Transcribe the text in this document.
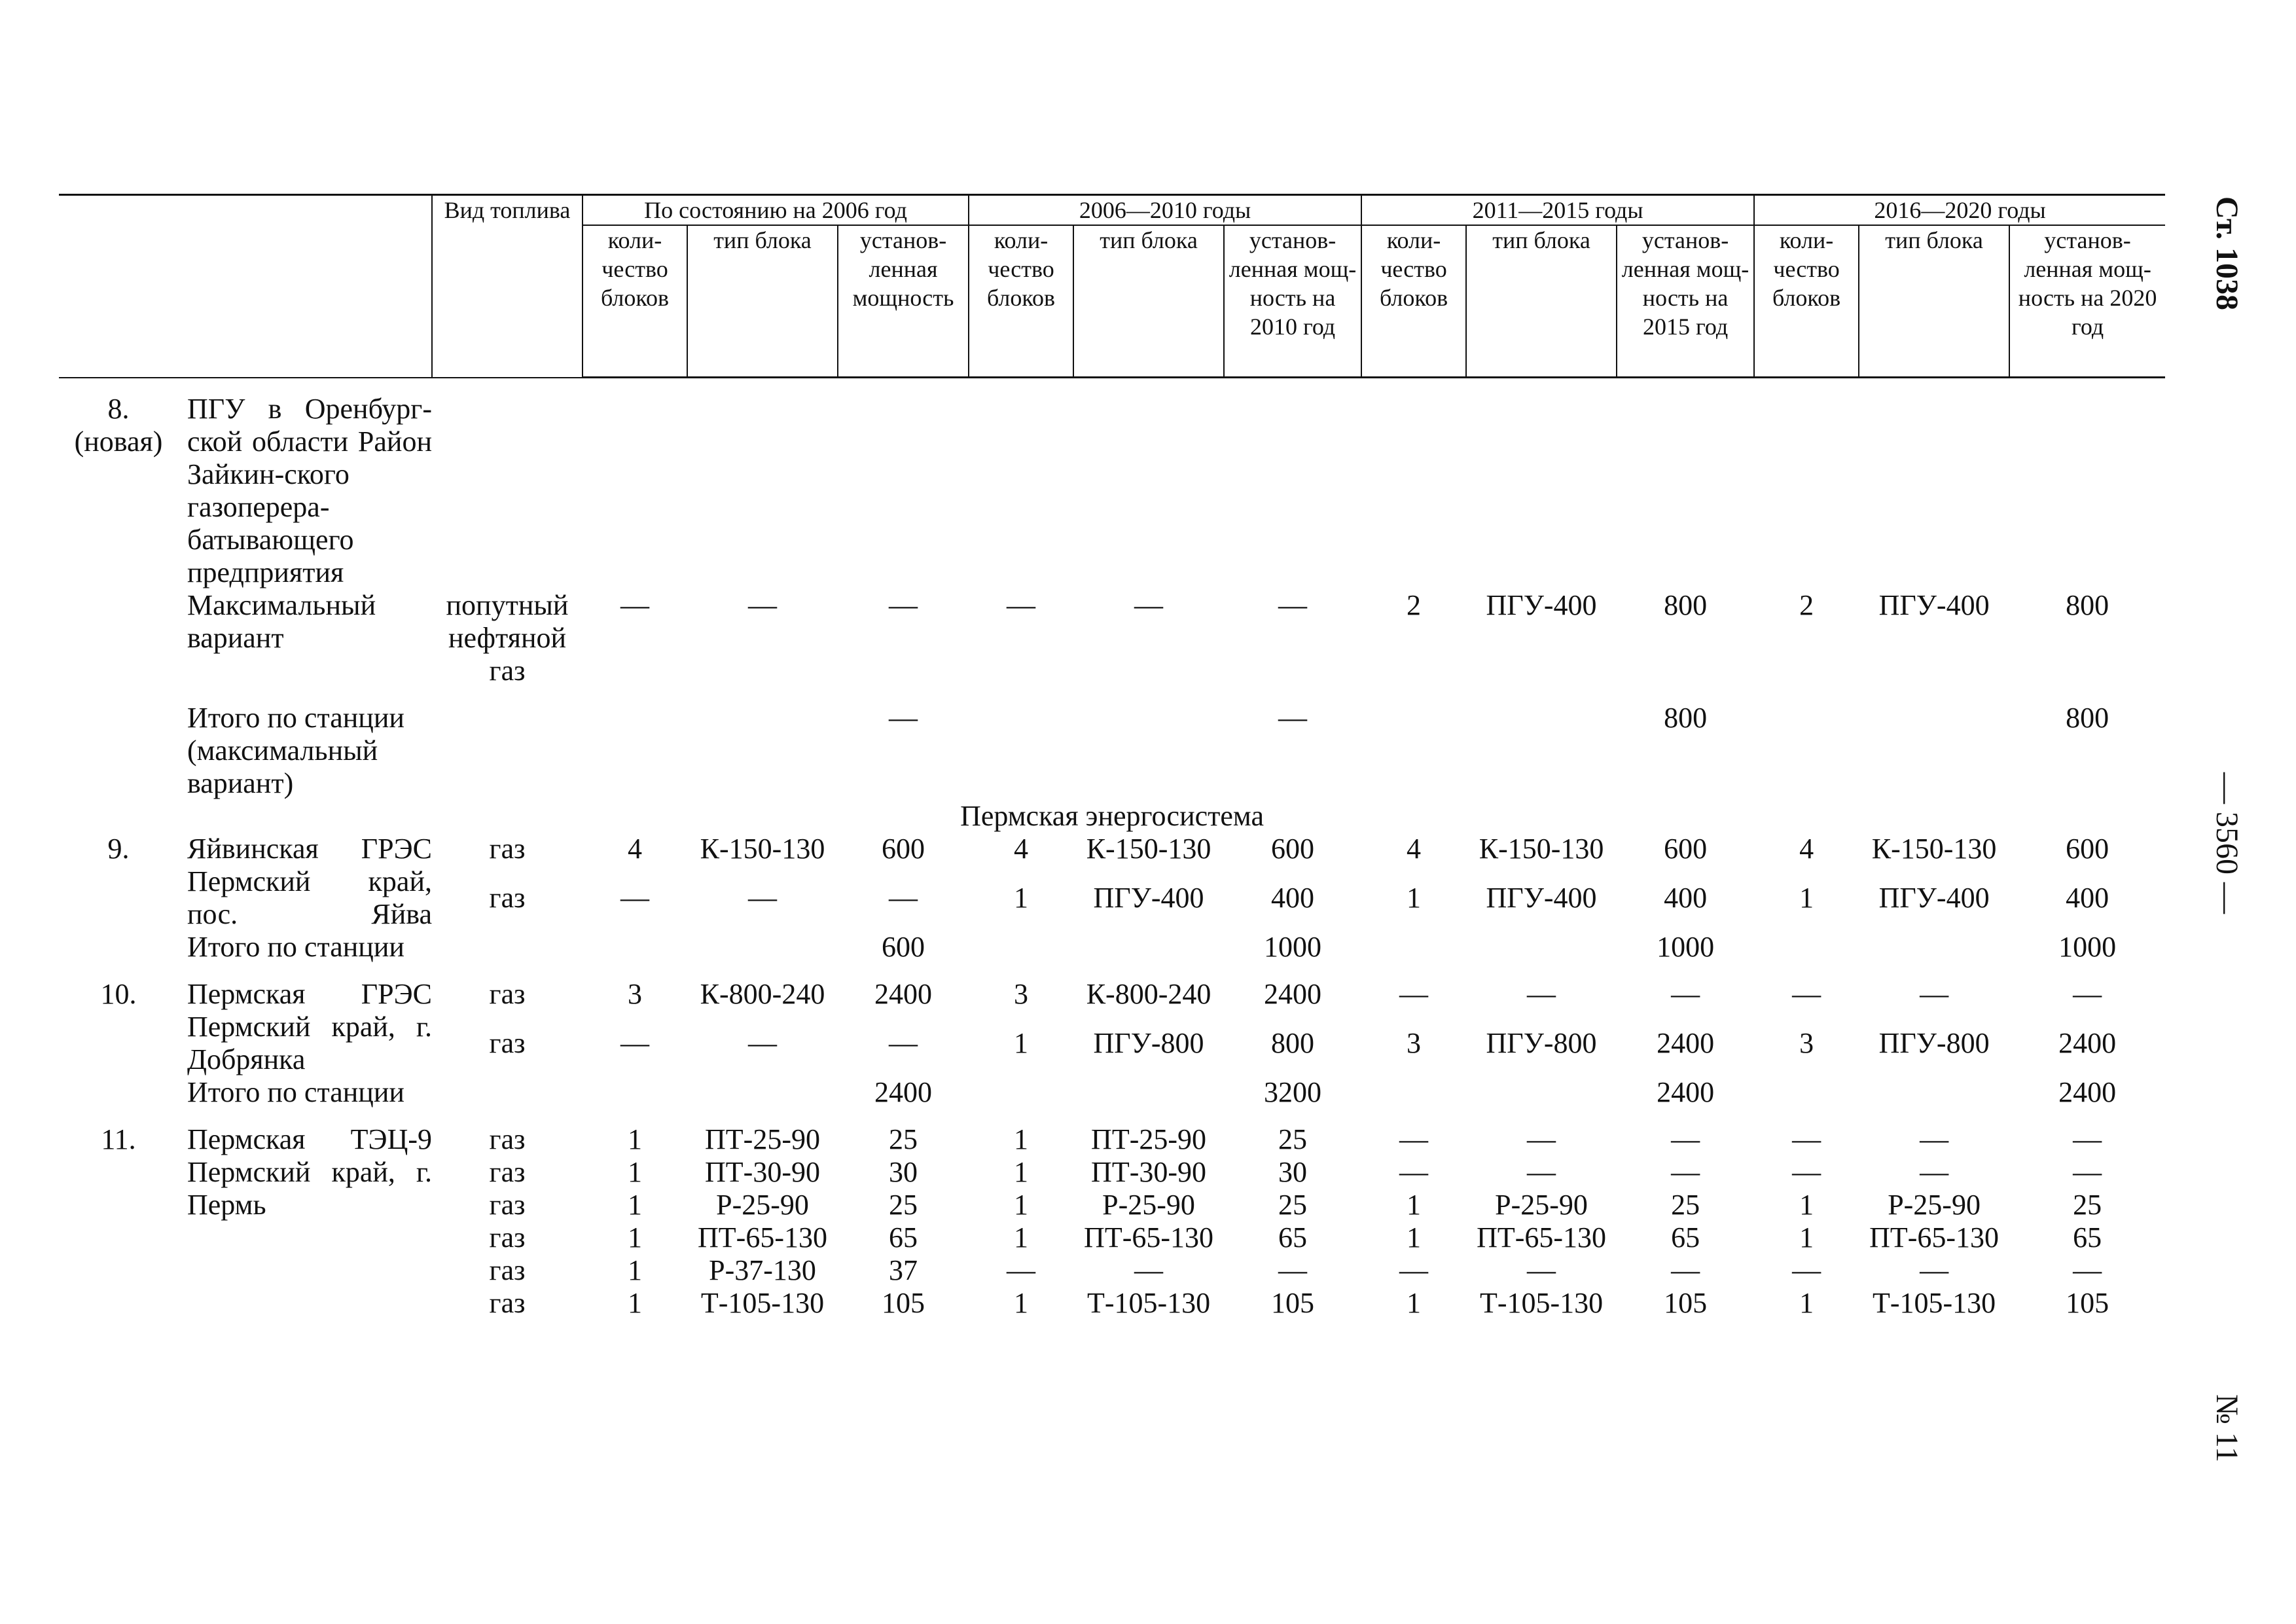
		Вид топлива	По состоянию на 2006 год			2006—2010 годы			2011—2015 годы			2016—2020 годы		
			коли-чество блоков	тип блока	установ-ленная мощность	коли-чество блоков	тип блока	установ-ленная мощ-ность на 2010 год	коли-чество блоков	тип блока	установ-ленная мощ-ность на 2015 год	коли-чество блоков	тип блока	установ-ленная мощ-ность на 2020 год

8.
(новая)	ПГУ в Оренбург-ской области Район Зайкин-ского газоперера-батывающего предприятия													
	Максимальный вариант	попутный нефтяной газ	—	—	—	—	—	—	2	ПГУ-400	800	2	ПГУ-400	800

	Итого по станции (максимальный вариант)				—			—			800			800
Пермская энергосистема														
9.	Яйвинская ГРЭС Пермский край, пос. Яйва	газ	4	К-150-130	600	4	К-150-130	600	4	К-150-130	600	4	К-150-130	600
		газ	—	—	—	1	ПГУ-400	400	1	ПГУ-400	400	1	ПГУ-400	400
	Итого по станции				600			1000			1000			1000

10.	Пермская ГРЭС Пермский край, г. Добрянка	газ	3	К-800-240	2400	3	К-800-240	2400	—	—	—	—	—	—
		газ	—	—	—	1	ПГУ-800	800	3	ПГУ-800	2400	3	ПГУ-800	2400
	Итого по станции				2400			3200			2400			2400

11.	Пермская ТЭЦ-9 Пермский край, г. Пермь	газ	1	ПТ-25-90	25	1	ПТ-25-90	25	—	—	—	—	—	—
		газ	1	ПТ-30-90	30	1	ПТ-30-90	30	—	—	—	—	—	—
		газ	1	Р-25-90	25	1	Р-25-90	25	1	Р-25-90	25	1	Р-25-90	25
		газ	1	ПТ-65-130	65	1	ПТ-65-130	65	1	ПТ-65-130	65	1	ПТ-65-130	65
		газ	1	Р-37-130	37	—	—	—	—	—	—	—	—	—
		газ	1	Т-105-130	105	1	Т-105-130	105	1	Т-105-130	105	1	Т-105-130	105
Ст. 1038
— 3560 —
№ 11
